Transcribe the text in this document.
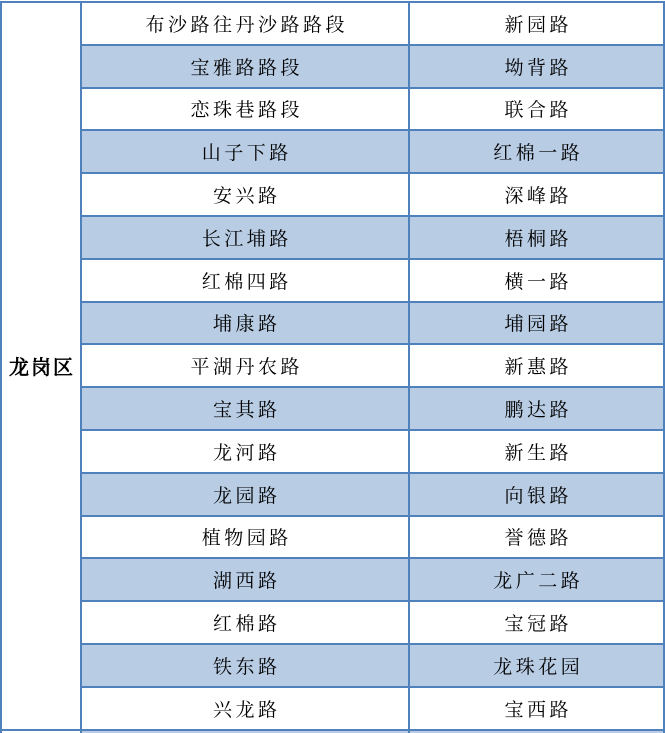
龙岗区
布沙路往丹沙路路段	新园路
宝雅路路段	坳背路
恋珠巷路段	联合路
山子下路	红棉一路
安兴路	深峰路
长江埔路	梧桐路
红棉四路	横一路
埔康路	埔园路
平湖丹农路	新惠路
宝其路	鹏达路
龙河路	新生路
龙园路	向银路
植物园路	誉德路
湖西路	龙广二路
红棉路	宝冠路
铁东路	龙珠花园
兴龙路	宝西路
